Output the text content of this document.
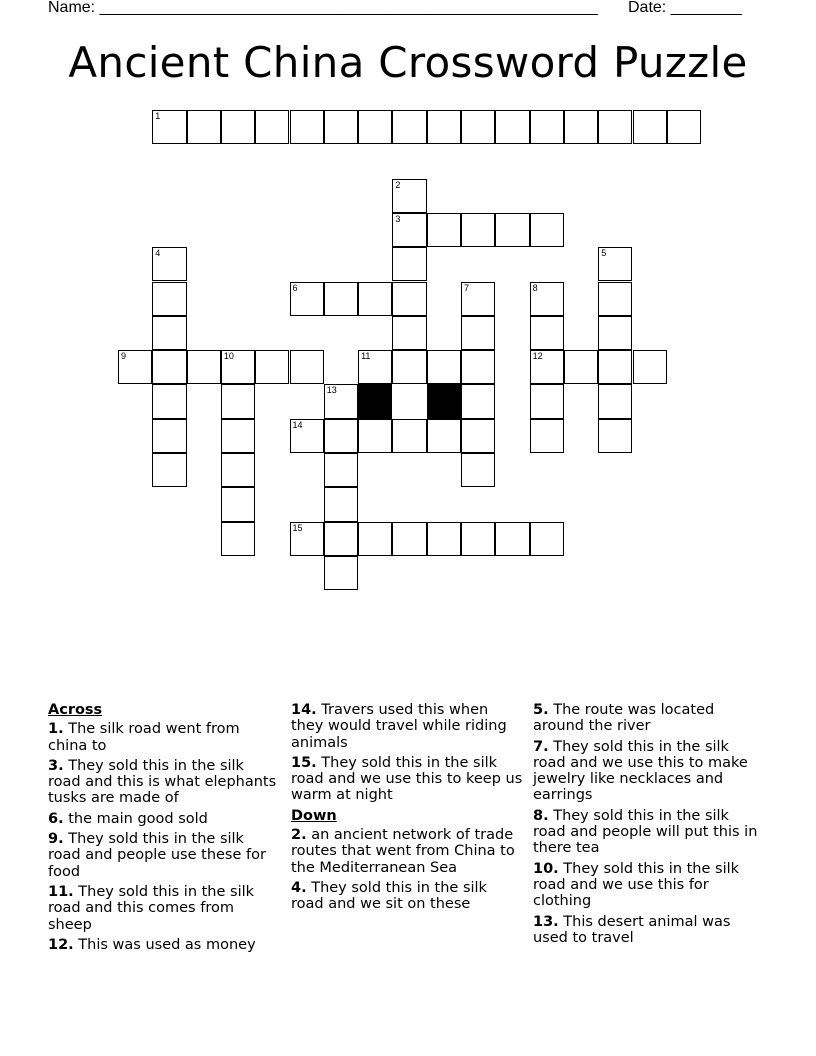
Name: ________________________________________________________ Date: ________
Ancient China Crossword Puzzle
1
2
3
4	5
6	7	8
12
9	10	11
13
14
15
Across
1. The silk road went from china to
3. They sold this in the silk road and this is what elephants tusks are made of
6. the main good sold
9. They sold this in the silk road and people use these for food
11. They sold this in the silk road and this comes from sheep
12. This was used as money
14. Travers used this when they would travel while riding animals
15. They sold this in the silk road and we use this to keep us warm at night
Down
2. an ancient network of trade routes that went from China to the Mediterranean Sea
4. They sold this in the silk road and we sit on these
5. The route was located around the river
7. They sold this in the silk road and we use this to make jewelry like necklaces and earrings
8. They sold this in the silk road and people will put this in there tea
10. They sold this in the silk road and we use this for clothing
13. This desert animal was used to travel
